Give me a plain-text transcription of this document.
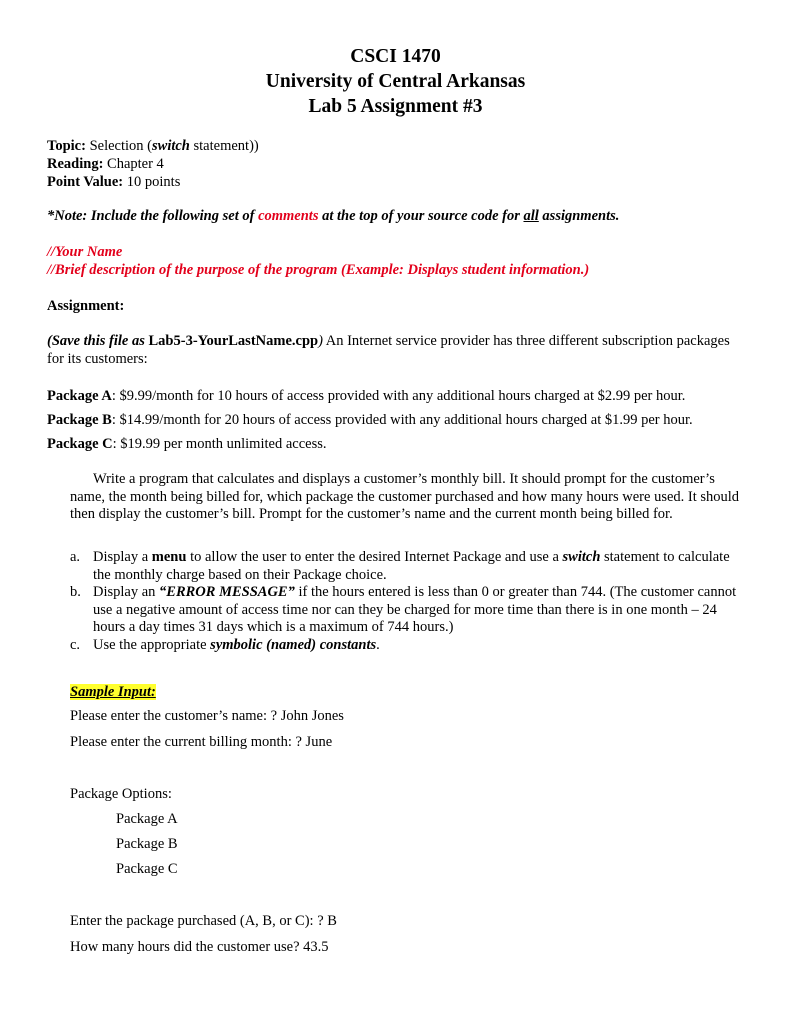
CSCI 1470
University of Central Arkansas
Lab 5 Assignment #3
Topic: Selection (switch statement))
Reading: Chapter 4
Point Value: 10 points
*Note: Include the following set of comments at the top of your source code for all assignments.
//Your Name
//Brief description of the purpose of the program (Example: Displays student information.)
Assignment:
(Save this file as Lab5-3-YourLastName.cpp) An Internet service provider has three different subscription packages for its customers:
Package A: $9.99/month for 10 hours of access provided with any additional hours charged at $2.99 per hour.
Package B: $14.99/month for 20 hours of access provided with any additional hours charged at $1.99 per hour.
Package C: $19.99 per month unlimited access.
Write a program that calculates and displays a customer’s monthly bill. It should prompt for the customer’s name, the month being billed for, which package the customer purchased and how many hours were used. It should then display the customer’s bill. Prompt for the customer’s name and the current month being billed for.
a. Display a menu to allow the user to enter the desired Internet Package and use a switch statement to calculate the monthly charge based on their Package choice.
b. Display an “ERROR MESSAGE” if the hours entered is less than 0 or greater than 744. (The customer cannot use a negative amount of access time nor can they be charged for more time than there is in one month – 24 hours a day times 31 days which is a maximum of 744 hours.)
c. Use the appropriate symbolic (named) constants.
Sample Input:
Please enter the customer’s name: ? John Jones
Please enter the current billing month: ? June
Package Options:
Package A
Package B
Package C
Enter the package purchased (A, B, or C): ? B
How many hours did the customer use? 43.5
